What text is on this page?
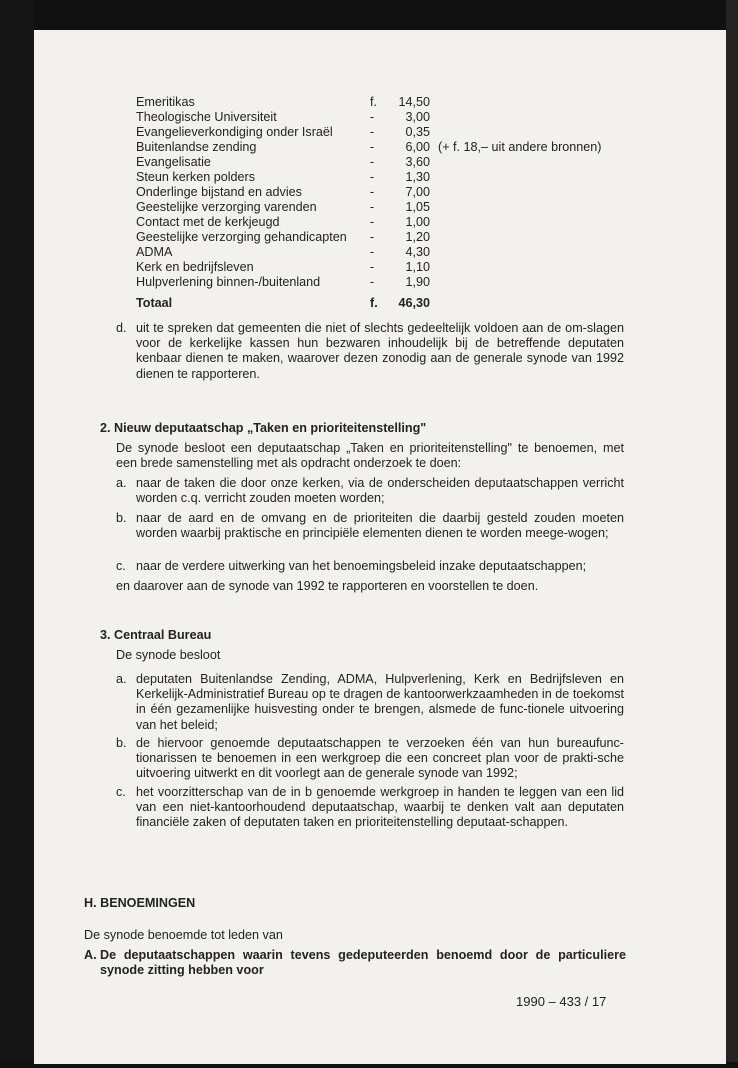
Emeritikas	f.	14,50
Theologische Universiteit	-	3,00
Evangelieverkondiging onder Israël	-	0,35
Buitenlandse zending	-	6,00 (+ f. 18,– uit andere bronnen)
Evangelisatie	-	3,60
Steun kerken polders	-	1,30
Onderlinge bijstand en advies	-	7,00
Geestelijke verzorging varenden	-	1,05
Contact met de kerkjeugd	-	1,00
Geestelijke verzorging gehandicapten -	1,20
ADMA	-	4,30
Kerk en bedrijfsleven	-	1,10
Hulpverlening binnen-/buitenland	-	1,90
Totaal	f.	46,30
d. uit te spreken dat gemeenten die niet of slechts gedeeltelijk voldoen aan de om-slagen voor de kerkelijke kassen hun bezwaren inhoudelijk bij de betreffende deputaten kenbaar dienen te maken, waarover dezen zonodig aan de generale synode van 1992 dienen te rapporteren.
2. Nieuw deputaatschap „Taken en prioriteitenstelling"
De synode besloot een deputaatschap „Taken en prioriteitenstelling" te benoemen, met een brede samenstelling met als opdracht onderzoek te doen:
a. naar de taken die door onze kerken, via de onderscheiden deputaatschappen verricht worden c.q. verricht zouden moeten worden;
b. naar de aard en de omvang en de prioriteiten die daarbij gesteld zouden moeten worden waarbij praktische en principiële elementen dienen te worden meege-wogen;
c. naar de verdere uitwerking van het benoemingsbeleid inzake deputaatschappen;
en daarover aan de synode van 1992 te rapporteren en voorstellen te doen.
3. Centraal Bureau
De synode besloot
a. deputaten Buitenlandse Zending, ADMA, Hulpverlening, Kerk en Bedrijfsleven en Kerkelijk-Administratief Bureau op te dragen de kantoorwerkzaamheden in de toekomst in één gezamenlijke huisvesting onder te brengen, alsmede de func-tionele uitvoering van het beleid;
b. de hiervoor genoemde deputaatschappen te verzoeken één van hun bureaufunc-tionarissen te benoemen in een werkgroep die een concreet plan voor de prakti-sche uitvoering uitwerkt en dit voorlegt aan de generale synode van 1992;
c. het voorzitterschap van de in b genoemde werkgroep in handen te leggen van een lid van een niet-kantoorhoudend deputaatschap, waarbij te denken valt aan deputaten financiële zaken of deputaten taken en prioriteitenstelling deputaat-schappen.
H. BENOEMINGEN
De synode benoemde tot leden van
A. De deputaatschappen waarin tevens gedeputeerden benoemd door de particuliere synode zitting hebben voor
1990 – 433 / 17
